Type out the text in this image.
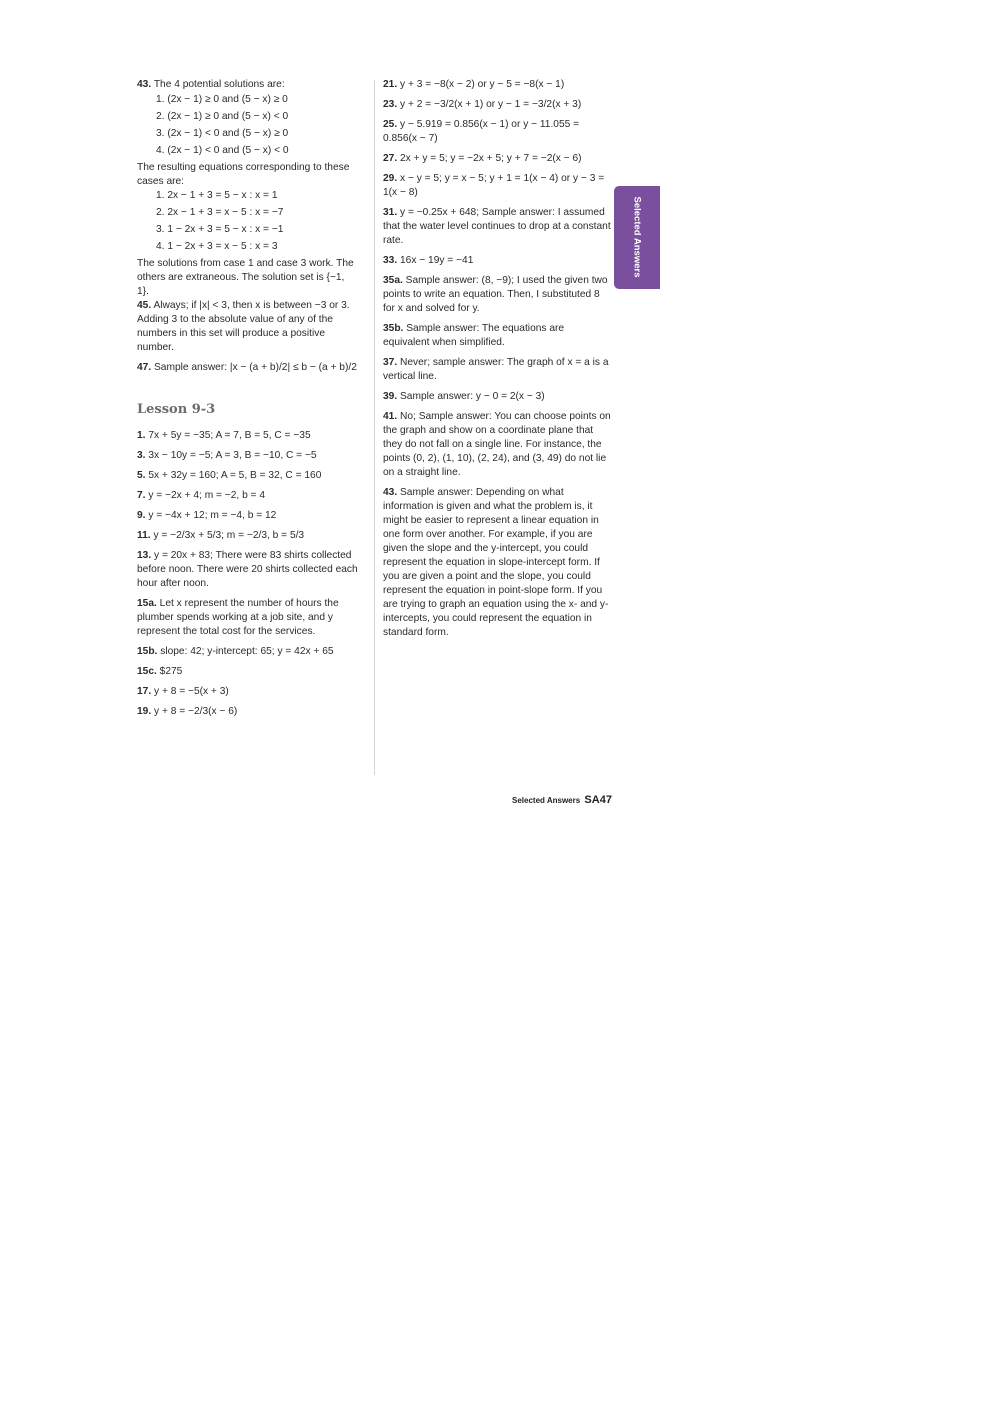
43. The 4 potential solutions are:
1. (2x − 1) ≥ 0 and (5 − x) ≥ 0
2. (2x − 1) ≥ 0 and (5 − x) < 0
3. (2x − 1) < 0 and (5 − x) ≥ 0
4. (2x − 1) < 0 and (5 − x) < 0

The resulting equations corresponding to these cases are:

1. 2x − 1 + 3 = 5 − x : x = 1
2. 2x − 1 + 3 = x − 5 : x = −7
3. 1 − 2x + 3 = 5 − x : x = −1
4. 1 − 2x + 3 = x − 5 : x = 3

The solutions from case 1 and case 3 work. The others are extraneous. The solution set is {−1, 1}.

45. Always; if |x| < 3, then x is between −3 or 3. Adding 3 to the absolute value of any of the numbers in this set will produce a positive number.
47. Sample answer: |x − (a + b)/2| ≤ b − (a + b)/2
Lesson 9-3
1. 7x + 5y = −35; A = 7, B = 5, C = −35
3. 3x − 10y = −5; A = 3, B = −10, C = −5
5. 5x + 32y = 160; A = 5, B = 32, C = 160
7. y = −2x + 4; m = −2, b = 4
9. y = −4x + 12; m = −4, b = 12
11. y = −2/3x + 5/3; m = −2/3, b = 5/3
13. y = 20x + 83; There were 83 shirts collected before noon. There were 20 shirts collected each hour after noon.
15a. Let x represent the number of hours the plumber spends working at a job site, and y represent the total cost for the services.
15b. slope: 42; y-intercept: 65; y = 42x + 65
15c. $275
17. y + 8 = −5(x + 3)
19. y + 8 = −2/3(x − 6)
21. y + 3 = −8(x − 2) or y − 5 = −8(x − 1)
23. y + 2 = −3/2(x + 1) or y − 1 = −3/2(x + 3)
25. y − 5.919 = 0.856(x − 1) or y − 11.055 = 0.856(x − 7)
27. 2x + y = 5; y = −2x + 5; y + 7 = −2(x − 6)
29. x − y = 5; y = x − 5; y + 1 = 1(x − 4) or y − 3 = 1(x − 8)
31. y = −0.25x + 648; Sample answer: I assumed that the water level continues to drop at a constant rate.
33. 16x − 19y = −41
35a. Sample answer: (8, −9); I used the given two points to write an equation. Then, I substituted 8 for x and solved for y.
35b. Sample answer: The equations are equivalent when simplified.
37. Never; sample answer: The graph of x = a is a vertical line.
39. Sample answer: y − 0 = 2(x − 3)
41. No; Sample answer: You can choose points on the graph and show on a coordinate plane that they do not fall on a single line. For instance, the points (0, 2), (1, 10), (2, 24), and (3, 49) do not lie on a straight line.
43. Sample answer: Depending on what information is given and what the problem is, it might be easier to represent a linear equation in one form over another. For example, if you are given the slope and the y-intercept, you could represent the equation in slope-intercept form. If you are given a point and the slope, you could represent the equation in point-slope form. If you are trying to graph an equation using the x- and y-intercepts, you could represent the equation in standard form.
Selected Answers
Selected Answers SA47
